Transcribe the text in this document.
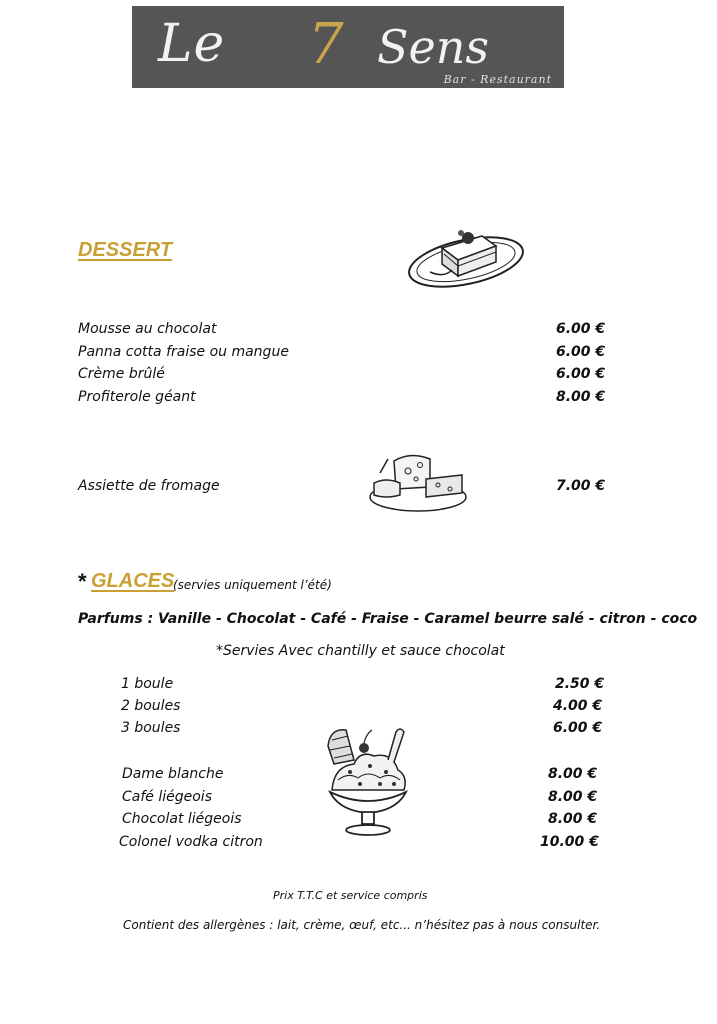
Le 7 Sens
Bar - Restaurant
DESSERT
Mousse au chocolat	6.00 €
Panna cotta fraise ou mangue	6.00 €
Crème brûlé	6.00 €
Profiterole géant	8.00 €
Assiette de fromage	7.00 €
* GLACES
(servies uniquement l’été)
Parfums : Vanille - Chocolat - Café - Fraise - Caramel beurre salé - citron - coco
*Servies Avec chantilly et sauce chocolat
1 boule	2.50 €
2 boules	4.00 €
3 boules	6.00 €
Dame blanche	8.00 €
Café liégeois	8.00 €
Chocolat liégeois	8.00 €
Colonel vodka citron	10.00 €
Prix T.T.C et service compris
Contient des allergènes : lait, crème, œuf, etc... n’hésitez pas à nous consulter.
